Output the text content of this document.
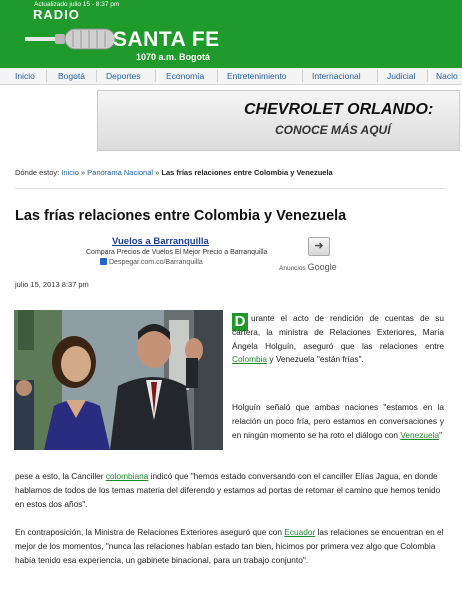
Actualizado julio 15 - 8:37 pm
RADIO
SANTA FE
1070 a.m. Bogotá
Inicio	Bogotá Deportes	Economía	Entretenimiento	Internacional	Judicial Nacio
CHEVROLET ORLANDO:
CONOCE MÁS AQUÍ
Dónde estoy: Inicio » Panorama Nacional » Las frías relaciones entre Colombia y Venezuela
Las frías relaciones entre Colombia y Venezuela
Vuelos a Barranquilla
Compara Precios de Vuelos El Mejor Precio a Barranquilla
Despegar.com.co/Barranquilla
➜
Anuncios Google
julio 15, 2013 8:37 pm
D urante el acto de rendición de cuentas de su cartera, la ministra de Relaciones Exteriores, María Ángela Holguín, aseguró que las relaciones entre Colombia y Venezuela "están frías".

Holguín señaló que ambas naciones "estamos en la relación un poco fría, pero estamos en conversaciones y en ningún momento se ha roto el diálogo con Venezuela"

pese a esto, la Canciller colombiana indicó que "hemos estado conversando con el canciller Elías Jagua, en donde hablamos de todos de los temas materia del diferendo y estamos ad portas de retomar el camino que hemos tenido en estos dos años".

En contraposición, la Ministra de Relaciones Exteriores aseguró que con Ecuador las relaciones se encuentran en el mejor de los momentos, "nunca las relaciones habían estado tan bien, hicimos por primera vez algo que Colombia había tenido esa experiencia, un gabinete binacional, para un trabajo conjunto".
